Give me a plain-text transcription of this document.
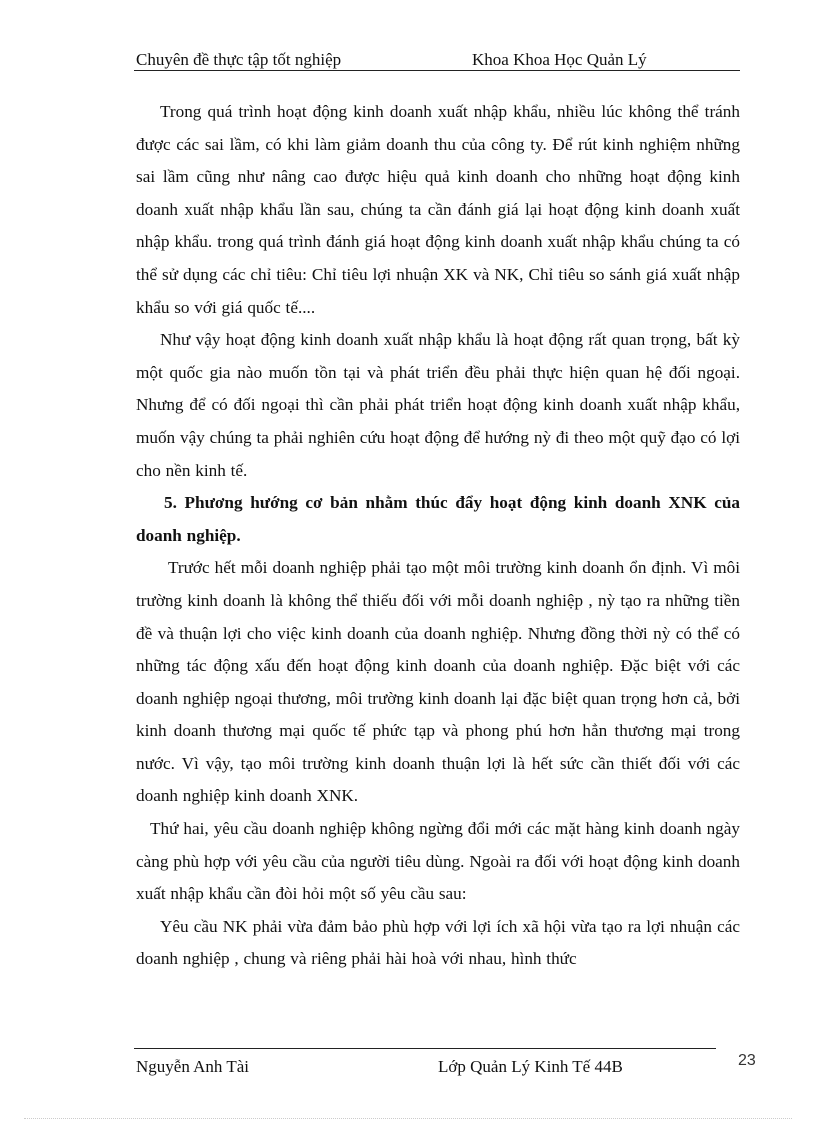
Chuyên đề thực tập tốt nghiệp	Khoa Khoa Học Quản Lý

Trong quá trình hoạt động kinh doanh xuất nhập khẩu, nhiều lúc không thể tránh được các sai lầm, có khi làm giảm doanh thu của công ty. Để rút kinh nghiệm những sai lầm cũng như nâng cao được hiệu quả kinh doanh cho những hoạt động kinh doanh xuất nhập khẩu lần sau, chúng ta cần đánh giá lại hoạt động kinh doanh xuất nhập khẩu. trong quá trình đánh giá hoạt động kinh doanh xuất nhập khẩu chúng ta có thể sử dụng các chỉ tiêu: Chỉ tiêu lợi nhuận XK và NK, Chỉ tiêu so sánh giá xuất nhập khẩu so với giá quốc tế....

Như vậy hoạt động kinh doanh xuất nhập khẩu là hoạt động rất quan trọng, bất kỳ một quốc gia nào muốn tồn tại và phát triển đều phải thực hiện quan hệ đối ngoại. Nhưng để có đối ngoại thì cần phải phát triển hoạt động kinh doanh xuất nhập khẩu, muốn vậy chúng ta phải nghiên cứu hoạt động để hướng nỳ đi theo một quỹ đạo có lợi cho nền kinh tế.

5. Phương hướng cơ bản nhằm thúc đẩy hoạt động kinh doanh XNK của doanh nghiệp.

Trước hết mỗi doanh nghiệp phải tạo một môi trường kinh doanh ổn định. Vì môi trường kinh doanh là không thể thiếu đối với mỗi doanh nghiệp , nỳ tạo ra những tiền đề và thuận lợi cho việc kinh doanh của doanh nghiệp. Nhưng đồng thời nỳ có thể có những tác động xấu đến hoạt động kinh doanh của doanh nghiệp. Đặc biệt với các doanh nghiệp ngoại thương, môi trường kinh doanh lại đặc biệt quan trọng hơn cả, bởi kinh doanh thương mại quốc tế phức tạp và phong phú hơn hẳn thương mại trong nước. Vì vậy, tạo môi trường kinh doanh thuận lợi là hết sức cần thiết đối với các doanh nghiệp kinh doanh XNK.

Thứ hai, yêu cầu doanh nghiệp không ngừng đổi mới các mặt hàng kinh doanh ngày càng phù hợp với yêu cầu của người tiêu dùng. Ngoài ra đối với hoạt động kinh doanh xuất nhập khẩu cần đòi hỏi một số yêu cầu sau:

Yêu cầu NK phải vừa đảm bảo phù hợp với lợi ích xã hội vừa tạo ra lợi nhuận các doanh nghiệp , chung và riêng phải hài hoà với nhau, hình thức

Nguyễn Anh Tài	Lớp Quản Lý Kinh Tế 44B	23
